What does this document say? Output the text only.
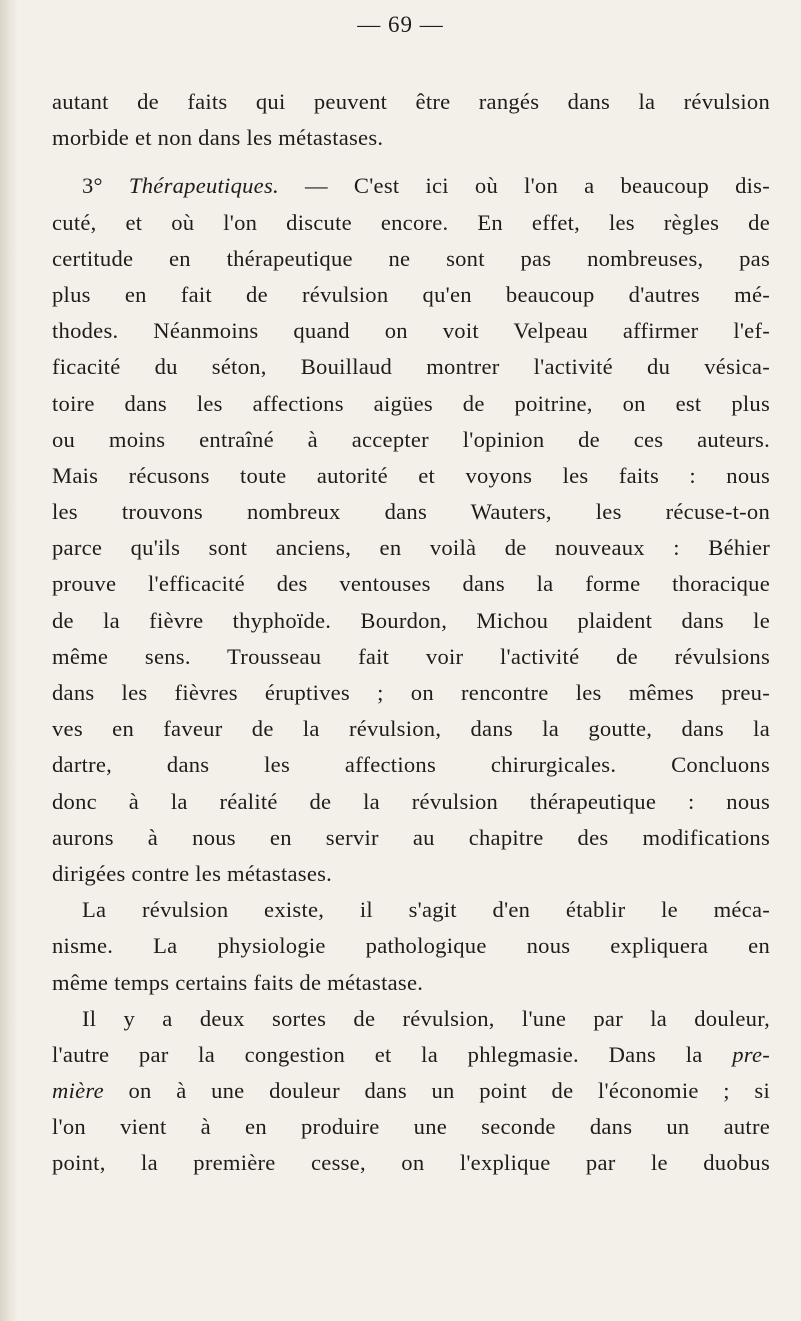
— 69 —
autant de faits qui peuvent être rangés dans la révulsion
morbide et non dans les métastases.
3° Thérapeutiques. — C'est ici où l'on a beaucoup dis-
cuté, et où l'on discute encore. En effet, les règles de
certitude en thérapeutique ne sont pas nombreuses, pas
plus en fait de révulsion qu'en beaucoup d'autres mé-
thodes. Néanmoins quand on voit Velpeau affirmer l'ef-
ficacité du séton, Bouillaud montrer l'activité du vésica-
toire dans les affections aigües de poitrine, on est plus
ou moins entraîné à accepter l'opinion de ces auteurs.
Mais récusons toute autorité et voyons les faits : nous
les trouvons nombreux dans Wauters, les récuse-t-on
parce qu'ils sont anciens, en voilà de nouveaux : Béhier
prouve l'efficacité des ventouses dans la forme thoracique
de la fièvre thyphoïde. Bourdon, Michou plaident dans le
même sens. Trousseau fait voir l'activité de révulsions
dans les fièvres éruptives ; on rencontre les mêmes preu-
ves en faveur de la révulsion, dans la goutte, dans la
dartre, dans les affections chirurgicales. Concluons
donc à la réalité de la révulsion thérapeutique : nous
aurons à nous en servir au chapitre des modifications
dirigées contre les métastases.
La révulsion existe, il s'agit d'en établir le méca-
nisme. La physiologie pathologique nous expliquera en
même temps certains faits de métastase.
Il y a deux sortes de révulsion, l'une par la douleur,
l'autre par la congestion et la phlegmasie. Dans la pre-
mière on à une douleur dans un point de l'économie ; si
l'on vient à en produire une seconde dans un autre
point, la première cesse, on l'explique par le duobus
